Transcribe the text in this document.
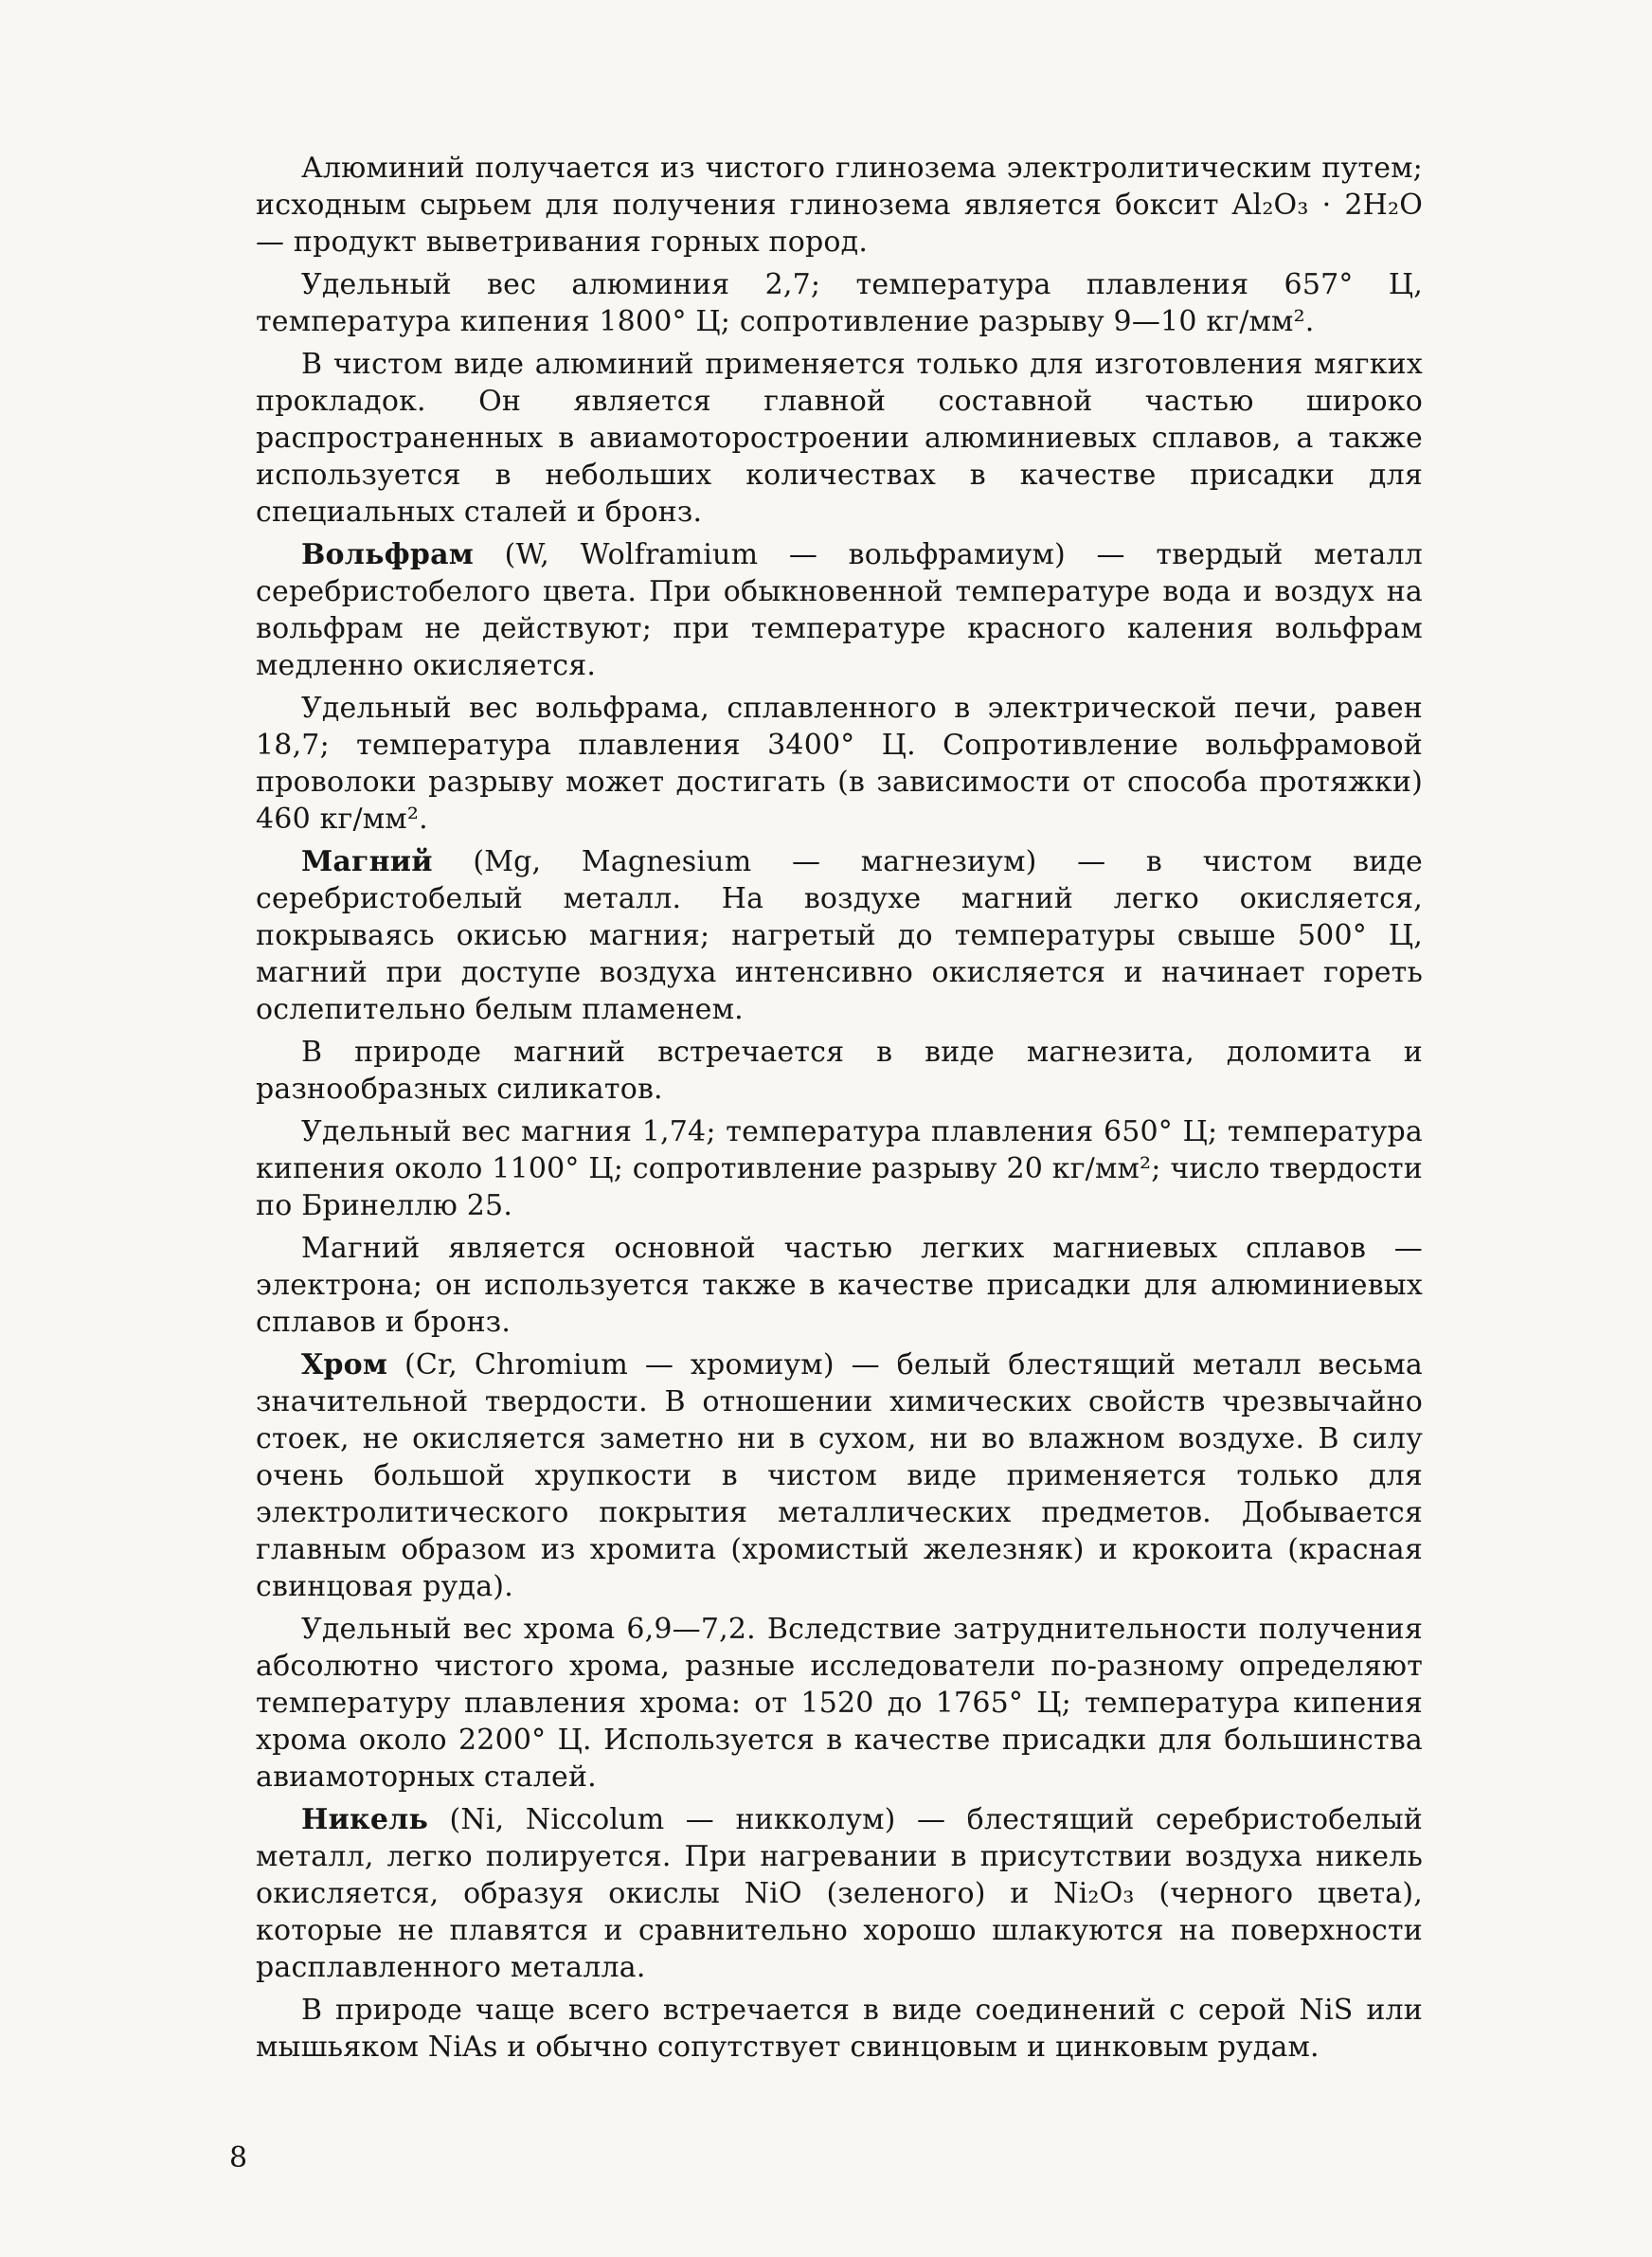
Алюминий получается из чистого глинозема электролитическим путем; исходным сырьем для получения глинозема является боксит Al₂O₃ · 2H₂O — продукт выветривания горных пород.

Удельный вес алюминия 2,7; температура плавления 657° Ц, температура кипения 1800° Ц; сопротивление разрыву 9—10 кг/мм².

В чистом виде алюминий применяется только для изготовления мягких прокладок. Он является главной составной частью широко распространенных в авиамоторостроении алюминиевых сплавов, а также используется в небольших количествах в качестве присадки для специальных сталей и бронз.

Вольфрам (W, Wolframium — вольфрамиум) — твердый металл серебристобелого цвета. При обыкновенной температуре вода и воздух на вольфрам не действуют; при температуре красного каления вольфрам медленно окисляется.

Удельный вес вольфрама, сплавленного в электрической печи, равен 18,7; температура плавления 3400° Ц. Сопротивление вольфрамовой проволоки разрыву может достигать (в зависимости от способа протяжки) 460 кг/мм².

Магний (Mg, Magnesium — магнезиум) — в чистом виде серебристобелый металл. На воздухе магний легко окисляется, покрываясь окисью магния; нагретый до температуры свыше 500° Ц, магний при доступе воздуха интенсивно окисляется и начинает гореть ослепительно белым пламенем.

В природе магний встречается в виде магнезита, доломита и разнообразных силикатов.

Удельный вес магния 1,74; температура плавления 650° Ц; температура кипения около 1100° Ц; сопротивление разрыву 20 кг/мм²; число твердости по Бринеллю 25.

Магний является основной частью легких магниевых сплавов — электрона; он используется также в качестве присадки для алюминиевых сплавов и бронз.

Хром (Cr, Chromium — хромиум) — белый блестящий металл весьма значительной твердости. В отношении химических свойств чрезвычайно стоек, не окисляется заметно ни в сухом, ни во влажном воздухе. В силу очень большой хрупкости в чистом виде применяется только для электролитического покрытия металлических предметов. Добывается главным образом из хромита (хромистый железняк) и крокоита (красная свинцовая руда).

Удельный вес хрома 6,9—7,2. Вследствие затруднительности получения абсолютно чистого хрома, разные исследователи по-разному определяют температуру плавления хрома: от 1520 до 1765° Ц; температура кипения хрома около 2200° Ц. Используется в качестве присадки для большинства авиамоторных сталей.

Никель (Ni, Niccolum — никколум) — блестящий серебристобелый металл, легко полируется. При нагревании в присутствии воздуха никель окисляется, образуя окислы NiO (зеленого) и Ni₂O₃ (черного цвета), которые не плавятся и сравнительно хорошо шлакуются на поверхности расплавленного металла.

В природе чаще всего встречается в виде соединений с серой NiS или мышьяком NiAs и обычно сопутствует свинцовым и цинковым рудам.

8
